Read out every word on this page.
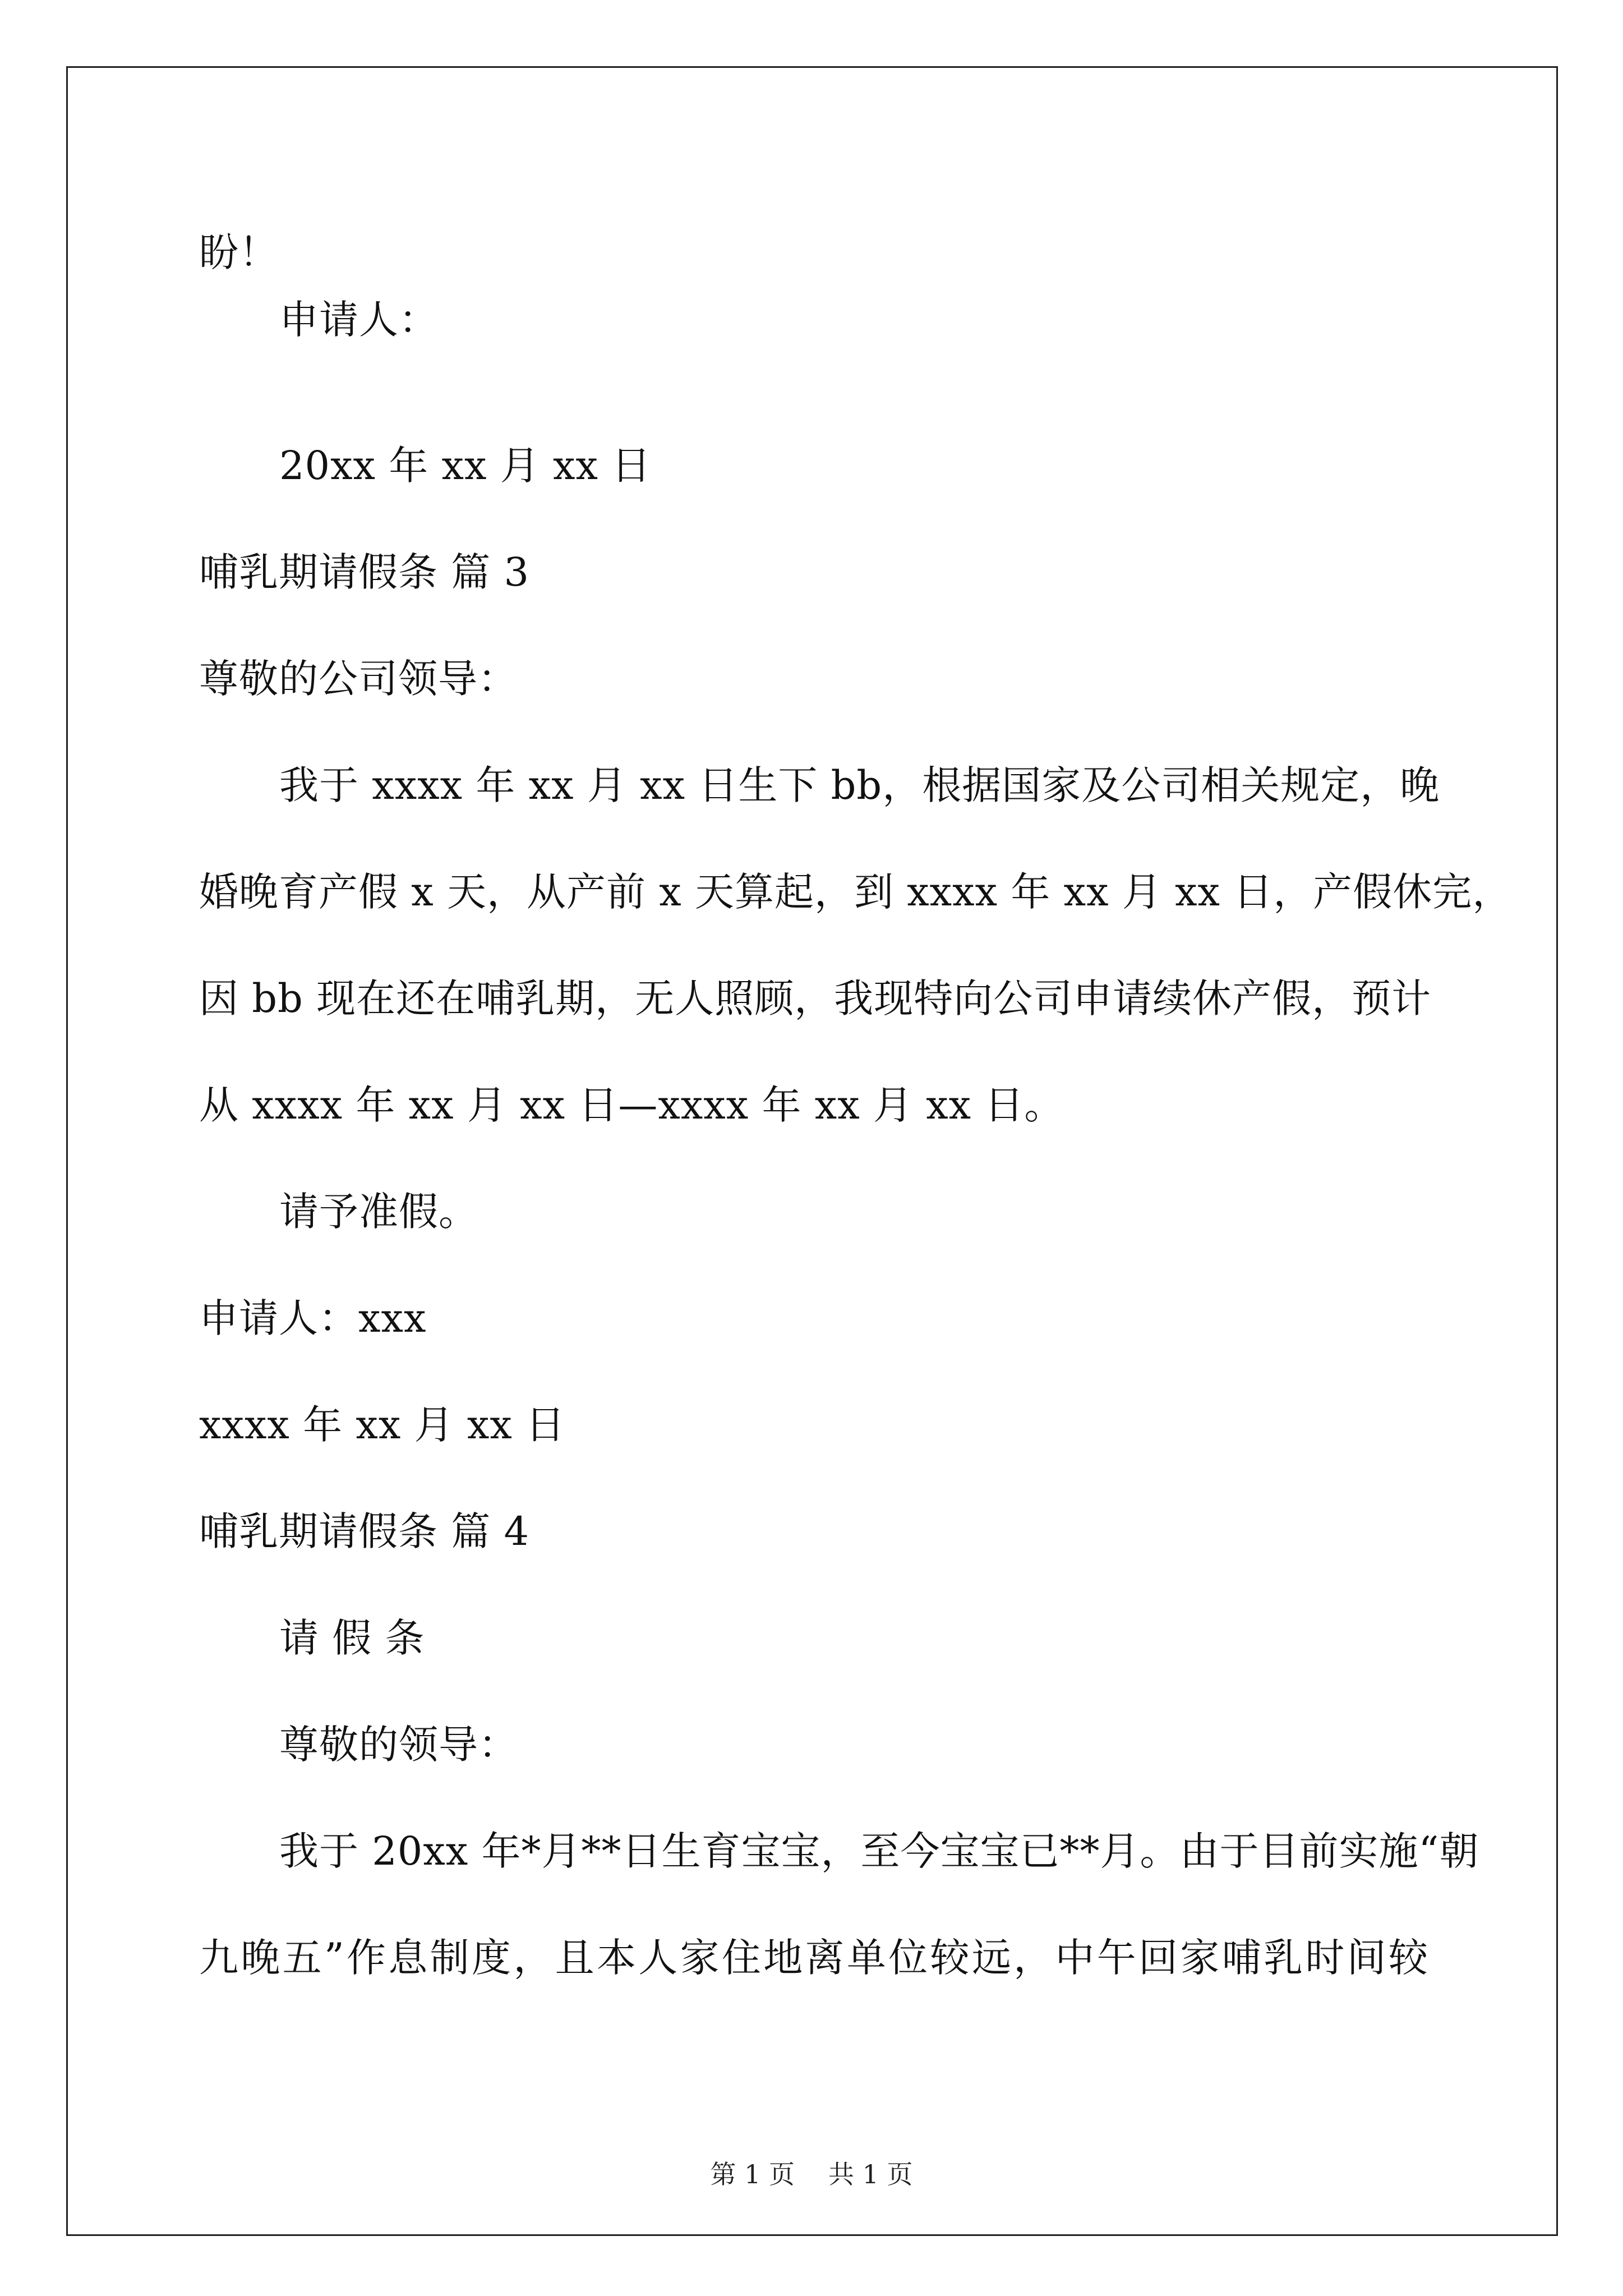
盼！
申请人：
20xx 年 xx 月 xx 日
哺乳期请假条 篇 3
尊敬的公司领导：
我于 xxxx 年 xx 月 xx 日生下 bb，根据国家及公司相关规定，晚
婚晚育产假 x 天，从产前 x 天算起，到 xxxx 年 xx 月 xx 日，产假休完，
因 bb 现在还在哺乳期，无人照顾，我现特向公司申请续休产假，预计
从 xxxx 年 xx 月 xx 日—xxxx 年 xx 月 xx 日。
请予准假。
申请人：xxx
xxxx 年 xx 月 xx 日
哺乳期请假条 篇 4
请 假 条
尊敬的领导：
我于 20xx 年*月**日生育宝宝，至今宝宝已**月。由于目前实施“朝
九晚五”作息制度，且本人家住地离单位较远，中午回家哺乳时间较
第 1 页 共 1 页
